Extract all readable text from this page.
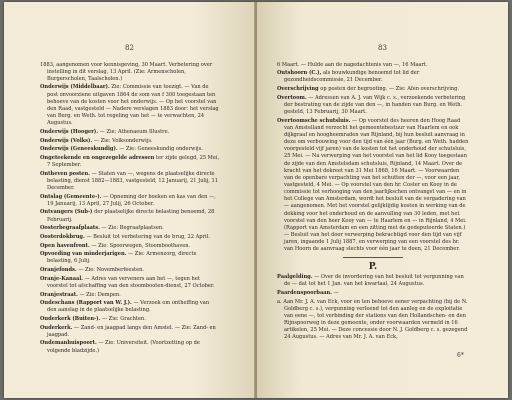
82

1883, aangenomen voor kennisgeving, 30 Maart. Verbetering over instelling in dit verslag, 13 April. (Zie: Armenscholen, Burgerscholen, Taalscholen.)

Onderwijs (Middelbaar). Zie: Commissie van toezigt. — Van de post onvoorziene uitgaven 1864 de som van f 300 toegestaan ten behoeve van de kosten voor het onderwijs. — Op het voorstel van den Raad, vastgesteld — Nadere verslagen 1883 door: het verslag van Burg. en Weth. tot regeling van het — te verwachten, 24 Augustus.

Onderwijs (Hooger). — Zie: Athenaeum Illustre.

Onderwijs (Volks). — Zie: Volksonderwijs.

Onderwijs (Geneeskundig). — Zie: Geneeskundig onderwijs.

Ongeteekende en ongezegelde adressen ter zijde gelegd, 25 Mei, 7 September.

Ontheven posten. — Staten van —, wegens de plaatselijke directe belasting, dienst 1882—1883, vastgesteld, 12 Januarij, 21 Julij, 11 December.

Ontslag (Gemeente-). — Opneming der boeken en kas van den —, 19 Januarij, 13 April, 27 Julij, 26 October.

Ontvangers (Sub-) der plaatselijke directe belasting benoemd, 28 Februarij.

Oosterbegraafplaats. — Zie: Begraafplaatsen.

Oosterdokbrug. — Besluit tot verbetering van de brug, 22 April.

Open havenfront. — Zie: Spoorwegen, Stoomboothaven.

Opvoeding van minderjarigen. — Zie: Armenzorg, directe belasting, 6 Julij.

Oranjefonds. — Zie: Novemberfeesten.

Oranje-Kanaal. — Adres van verveners aan het —, tegen het voorstel tot afschaffing van den stoombooten-dienst, 27 October.

Oranjestraat. — Zie: Dempen.

Oudeschans (Rapport van W. J.). — Verzoek om ontheffing van den aanslag in de plaatselijke belasting.

Ouderkerk (Buiten-). — Zie: Grachten.

Ouderkerk. — Zand- en jaagpad langs den Amstel. — Zie: Zand- en jaagpad.

Oudemanhuispoort. — Zie: Universiteit. (Voortzetting op de volgende bladzijde.)

83

6 Maart. — Hulde aan de nagedachtenis van —, 16 Maart.

Outshoorn (C.), als bouwkundige benoemd tot lid der gezondheidscommissie, 21 December.

Overschrijving op posten der begrooting. — Zie: Afen overschrijving.

Overtoom. — Adressen van A. J. van Wijk c. s., verzoekende verbetering der bestrating van de zijde van den —, in handen van Burg. en Weth. gesteld, 13 Februarij, 30 Maart.

Overtoomsche schutsluis. — Op voorstel des heeren den Hoog Raad van Amstelland verzocht het gemeentebestuur van Haarlem en ook dijkgraaf en hoogheemraden van Rijnland, bij hun besluit aanvraag in deze om verbouwing voor den tijd van één jaar (Burg. en Weth. hadden voorgesteld vijf jaren) van de kosten tot het onderhoud der schutsluis, 25 Mei. — Na verwerping van het voorstel van het lid Kooy toegestaan de zijde van den Amstelsdam schutsluis, Rijnland, 14 Maart. Over de kracht van het dekreet van 31 Mei 1868, 16 Maart. — Voorwaarden van de openbare verpachting van het schutten der —, voor een jaar, vastgesteld, 4 Mei. — Op voorstel van den hr. Coster en Kooy in de commissie tot verhooging van den jaarlijkschen ontvangst van — en in het College van Amsterdam, wordt het besluit van de vergadering van — aangenomen. Met het voorstel gelijktijdig kosten in werking van de dekking voor het onderhoud en de aanvulling van 30 leden, met het voorstel van den heer Kooy van — te Haarlem en — in Rijnland, 4 Mei. (Rapport van Amsterdam en een zitting met de gedeputeerde Staten.) — Besluit van het door verwerping bekrachtigd voor den tijd van vijf jaren, ingaande 1 Julij 1887, en verwerping van een voorstel des hr. van Hoorn de aanvraag slechts voor één jaar te doen, 21 December.

P.

Paalgelding. — Over de invordering van het besluit tot vergunning van de — dat tot het 1 Jan. van het kwartaal, 24 Augustus.

Paardenspoorbaan. —

a. Aan Mr. J. A. van Eck, voor en ten behoeve eener verpachting (bij de N. Goldberg c. s.), vergunning verleend tot den aanleg en de exploitatie van eene —, tot verbinding der stations van den Hollandschen- en den Rijnspoorweg in deze gemeente, onder voorwaarden vermeld in 16 artikelen, 25 Mei. — Deze concessie door N. J. Goldberg c. s. gezegend 24 Augustus. — Adres van Mr. J. A. van Eck,

6*
